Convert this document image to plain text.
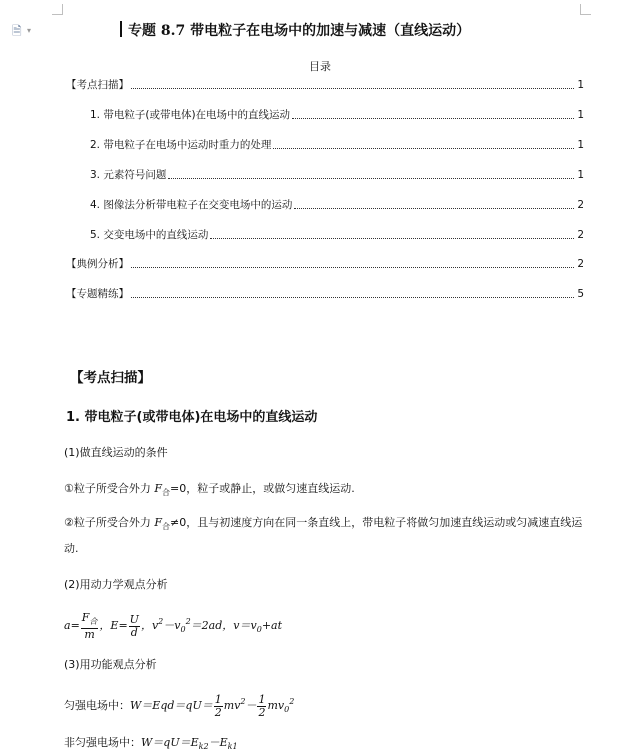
🗎 ▾	专题 8.7 带电粒子在电场中的加速与减速（直线运动）
目录
【考点扫描】	1
1. 带电粒子(或带电体)在电场中的直线运动	1
2. 带电粒子在电场中运动时重力的处理	1
3. 元素符号问题	1
4. 图像法分析带电粒子在交变电场中的运动	2
5. 交变电场中的直线运动	2
【典例分析】	2
【专题精练】	5
【考点扫描】
1. 带电粒子(或带电体)在电场中的直线运动
(1)做直线运动的条件
①粒子所受合外力 $F_合=0$，粒子或静止，或做匀速直线运动.
②粒子所受合外力 $F_合\ne 0$，且与初速度方向在同一条直线上，带电粒子将做匀加速直线运动或匀减速直线运
动.
(2)用动力学观点分析
$a= \frac{F_合}{m}$ ，$E= \frac{U}{d}$ ，$v^2-v_0^2=2ad$，$v=v_0+at$
(3)用功能观点分析
匀强电场中：$W=Eqd=qU= \frac{1}{2} mv^2- \frac{1}{2} mv_0^2$
非匀强电场中：$W=qU=E_{k2}-E_{k1}$
